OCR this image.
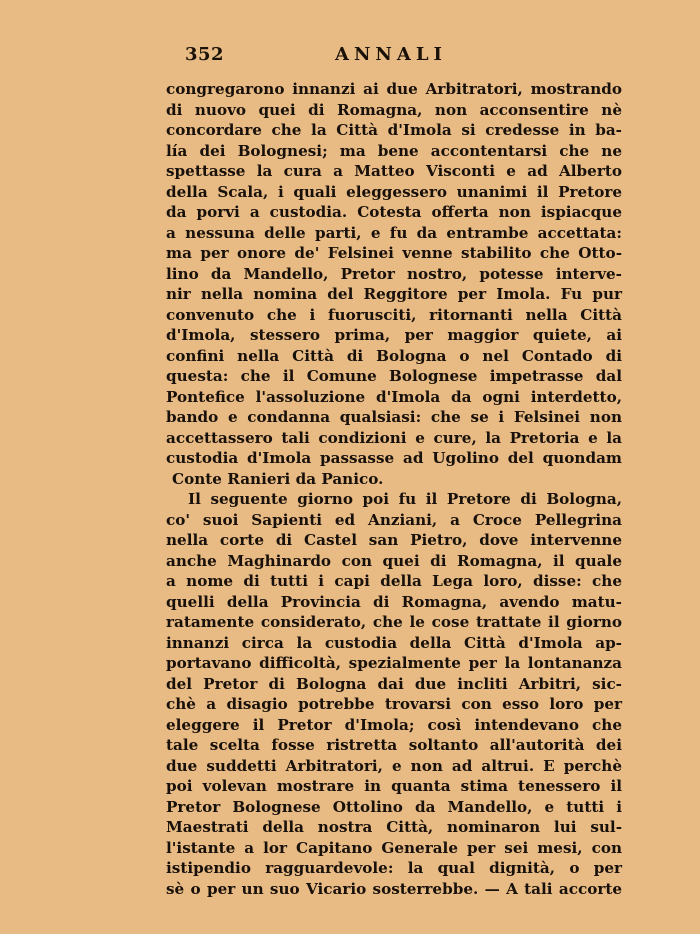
352	ANNALI
congregarono innanzi ai due Arbitratori, mostrando
di nuovo quei di Romagna, non acconsentire nè
concordare che la Città d'Imola si credesse in ba-
lía dei Bolognesi; ma bene accontentarsi che ne
spettasse la cura a Matteo Visconti e ad Alberto
della Scala, i quali eleggessero unanimi il Pretore
da porvi a custodia. Cotesta offerta non ispiacque
a nessuna delle parti, e fu da entrambe accettata:
ma per onore de' Felsinei venne stabilito che Otto-
lino da Mandello, Pretor nostro, potesse interve-
nir nella nomina del Reggitore per Imola. Fu pur
convenuto che i fuorusciti, ritornanti nella Città
d'Imola, stessero prima, per maggior quiete, ai
confini nella Città di Bologna o nel Contado di
questa: che il Comune Bolognese impetrasse dal
Pontefice l'assoluzione d'Imola da ogni interdetto,
bando e condanna qualsiasi: che se i Felsinei non
accettassero tali condizioni e cure, la Pretoria e la
custodia d'Imola passasse ad Ugolino del quondam
Conte Ranieri da Panico.
Il seguente giorno poi fu il Pretore di Bologna,
co' suoi Sapienti ed Anziani, a Croce Pellegrina
nella corte di Castel san Pietro, dove intervenne
anche Maghinardo con quei di Romagna, il quale
a nome di tutti i capi della Lega loro, disse: che
quelli della Provincia di Romagna, avendo matu-
ratamente considerato, che le cose trattate il giorno
innanzi circa la custodia della Città d'Imola ap-
portavano difficoltà, spezialmente per la lontananza
del Pretor di Bologna dai due incliti Arbitri, sic-
chè a disagio potrebbe trovarsi con esso loro per
eleggere il Pretor d'Imola; così intendevano che
tale scelta fosse ristretta soltanto all'autorità dei
due suddetti Arbitratori, e non ad altrui. E perchè
poi volevan mostrare in quanta stima tenessero il
Pretor Bolognese Ottolino da Mandello, e tutti i
Maestrati della nostra Città, nominaron lui sul-
l'istante a lor Capitano Generale per sei mesi, con
istipendio ragguardevole: la qual dignità, o per
sè o per un suo Vicario sosterrebbe. — A tali accorte
